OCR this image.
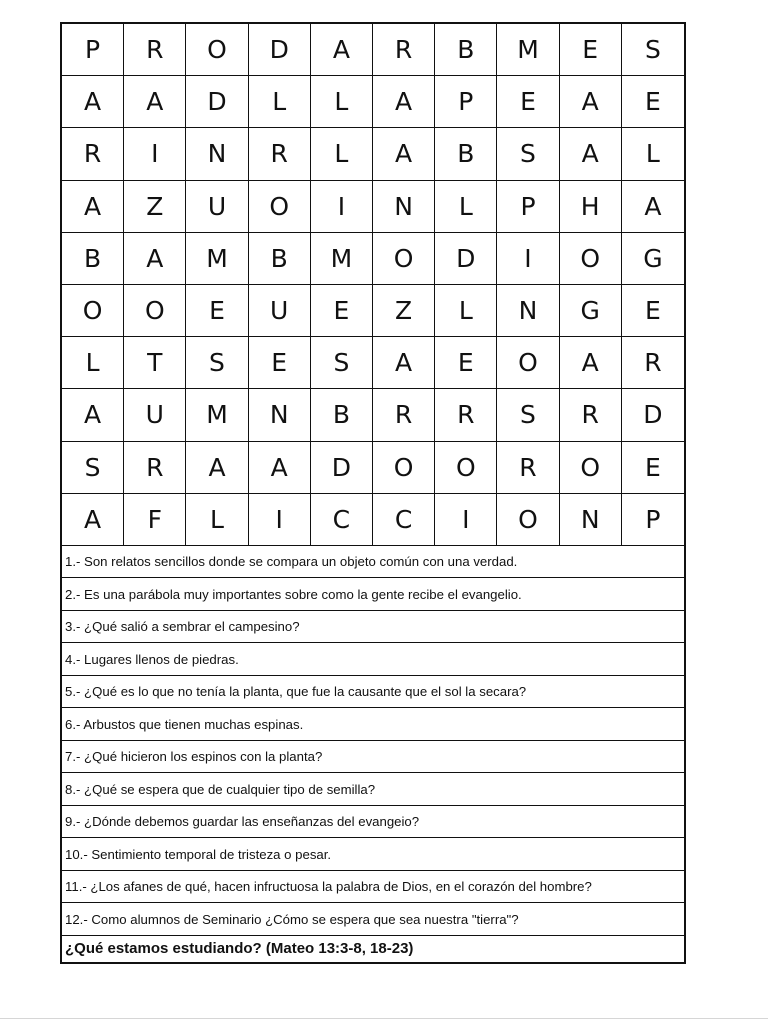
P	R	O	D	A	R	B	M	E	S
A	A	D	L	L	A	P	E	A	E
R	I	N	R	L	A	B	S	A	L
A	Z	U	O	I	N	L	P	H	A
B	A	M	B	M	O	D	I	O	G
O	O	E	U	E	Z	L	N	G	E
L	T	S	E	S	A	E	O	A	R
A	U	M	N	B	R	R	S	R	D
S	R	A	A	D	O	O	R	O	E
A	F	L	I	C	C	I	O	N	P
1.- Son relatos sencillos donde se compara un objeto común con una verdad.
2.- Es una parábola muy importantes sobre como la gente recibe el evangelio.
3.- ¿Qué salió a sembrar el campesino?
4.- Lugares llenos de piedras.
5.- ¿Qué es lo que no tenía la planta, que fue la causante que el sol la secara?
6.- Arbustos que tienen muchas espinas.
7.- ¿Qué hicieron los espinos con la planta?
8.- ¿Qué se espera que de cualquier tipo de semilla?
9.- ¿Dónde debemos guardar las enseñanzas del evangeio?
10.- Sentimiento temporal de tristeza o pesar.
11.- ¿Los afanes de qué, hacen infructuosa la palabra de Dios, en el corazón del hombre?
12.- Como alumnos de Seminario ¿Cómo se espera que sea nuestra "tierra"?
¿Qué estamos estudiando? (Mateo 13:3-8, 18-23)
